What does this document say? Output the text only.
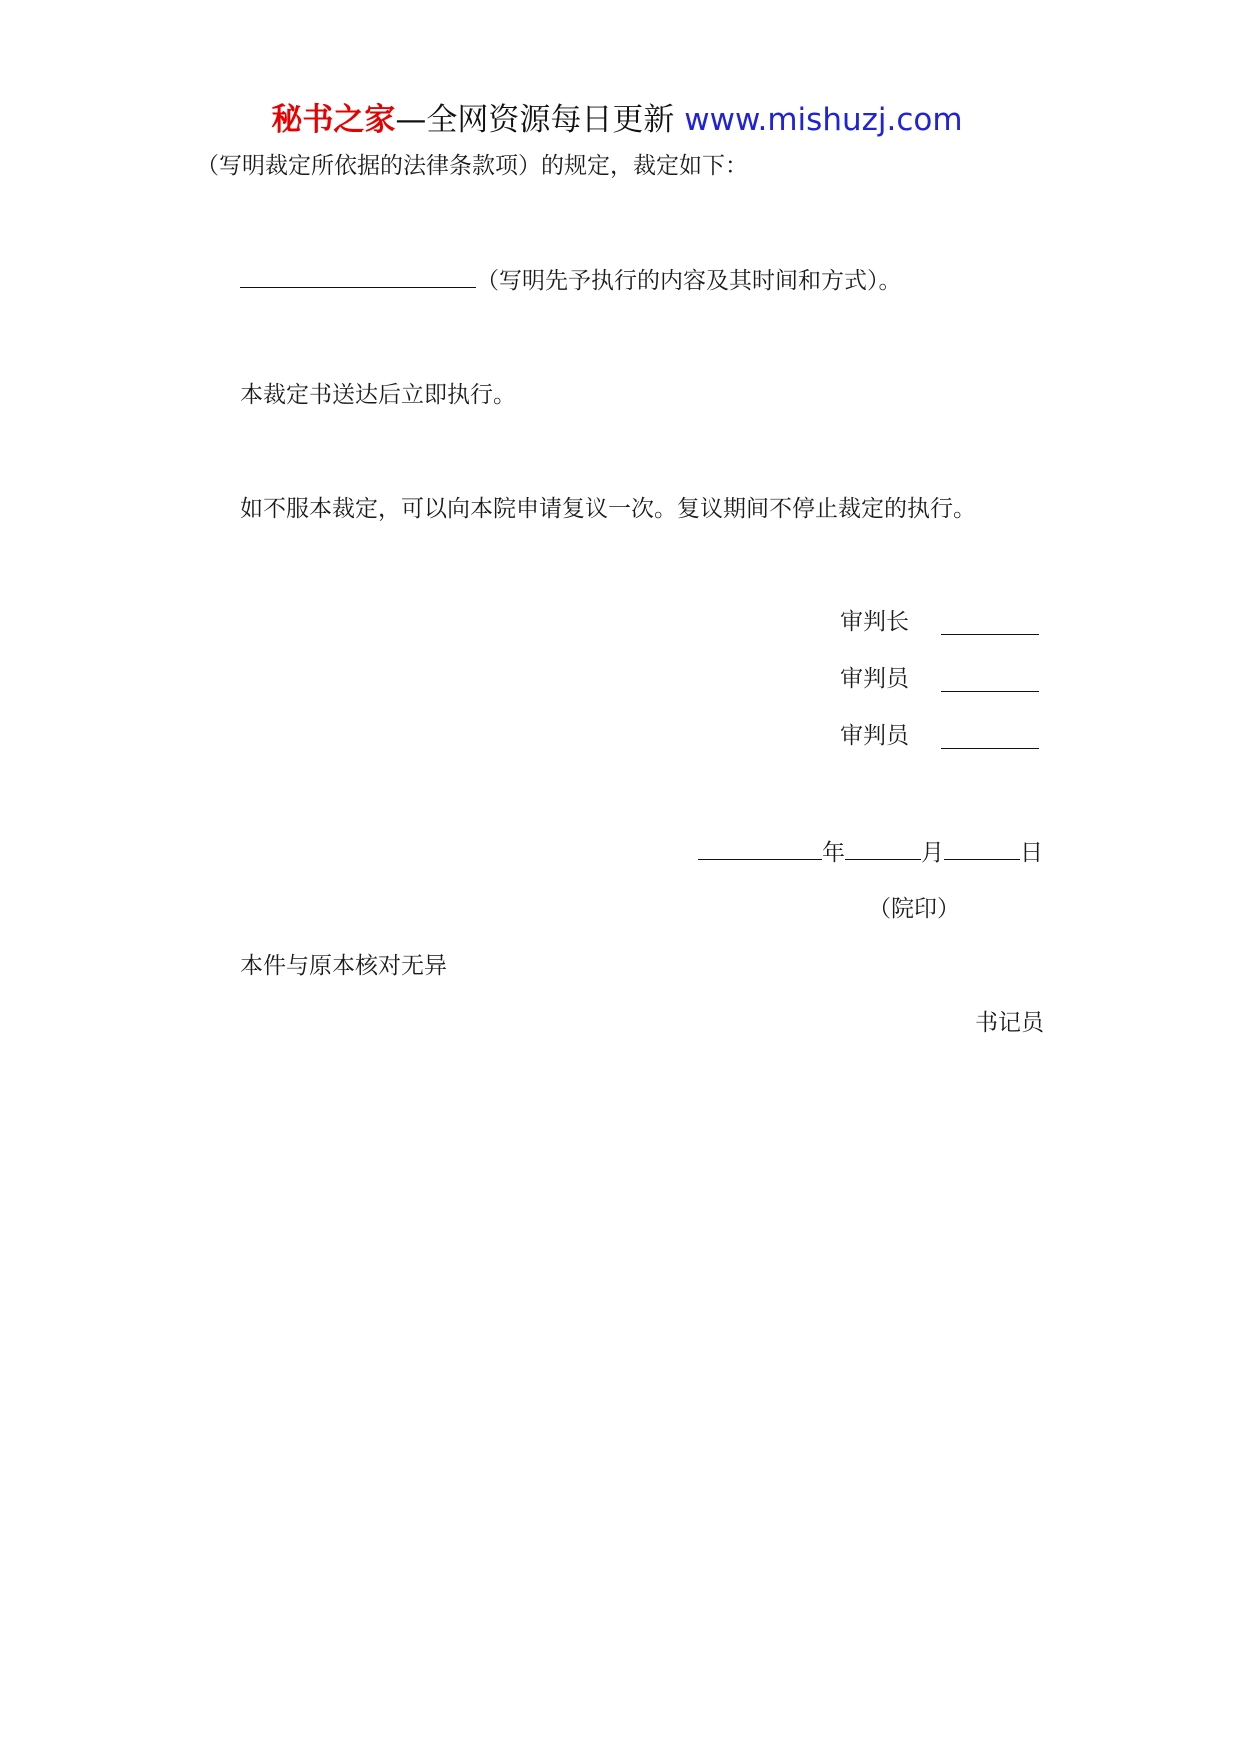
秘书之家—全网资源每日更新 www.mishuzj.com
（写明裁定所依据的法律条款项）的规定，裁定如下：
（写明先予执行的内容及其时间和方式）。
本裁定书送达后立即执行。
如不服本裁定，可以向本院申请复议一次。复议期间不停止裁定的执行。
审判长
审判员
审判员
年	月	日
（院印）
本件与原本核对无异
书记员
